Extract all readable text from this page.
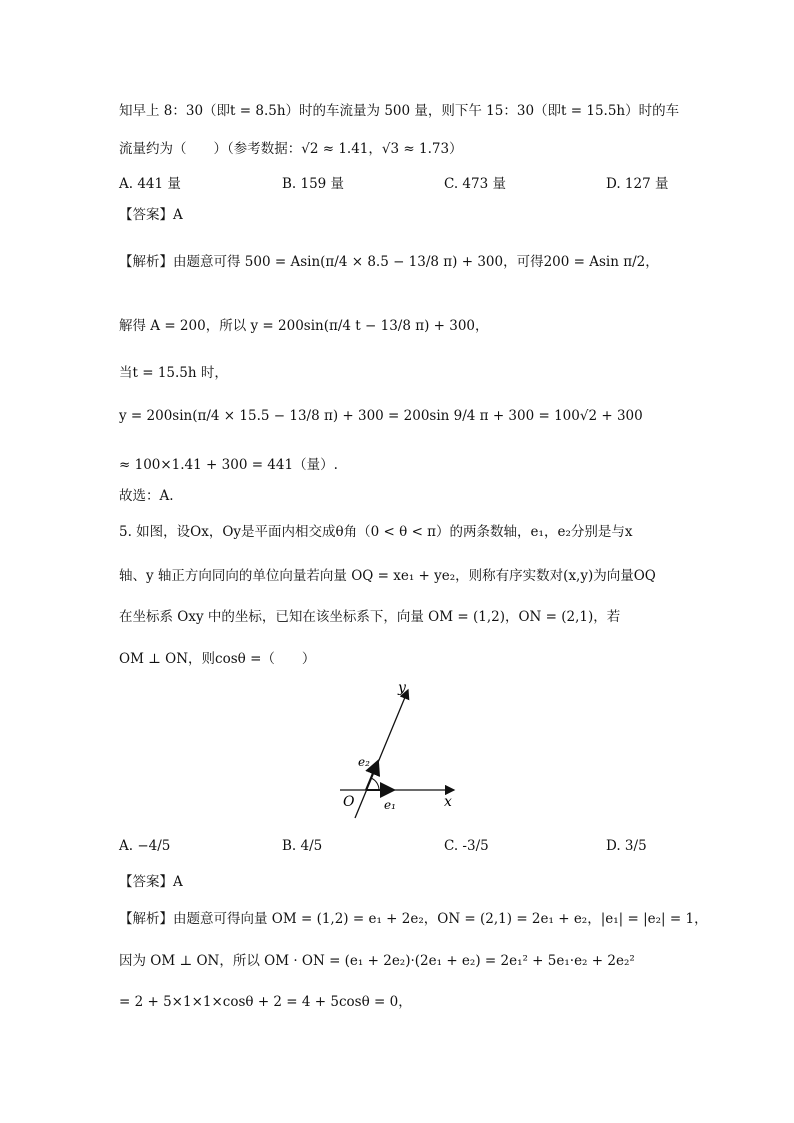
知早上 8：30（即t = 8.5h）时的车流量为 500 量，则下午 15：30（即t = 15.5h）时的车
流量约为（　　）（参考数据：√2 ≈ 1.41，√3 ≈ 1.73）
A. 441 量	B. 159 量	C. 473 量	D. 127 量
【答案】A
【解析】由题意可得 500 = Asin(π/4 × 8.5 − 13/8 π) + 300，可得200 = Asin π/2，
解得 A = 200，所以 y = 200sin(π/4 t − 13/8 π) + 300，
当t = 15.5h 时，
y = 200sin(π/4 × 15.5 − 13/8 π) + 300 = 200sin 9/4 π + 300 = 100√2 + 300
≈ 100×1.41 + 300 = 441（量）.
故选：A.
5. 如图，设Ox，Oy是平面内相交成θ角（0 < θ < π）的两条数轴，e₁，e₂分别是与x
轴、y 轴正方向同向的单位向量若向量 OQ = xe₁ + ye₂，则称有序实数对(x,y)为向量OQ
在坐标系 Oxy 中的坐标，已知在该坐标系下，向量 OM = (1,2)，ON = (2,1)，若
OM ⊥ ON，则cosθ =（　　）
y
x
O e₁
e₂
A. −4/5	B. 4/5	C. -3/5	D. 3/5
【答案】A
【解析】由题意可得向量 OM = (1,2) = e₁ + 2e₂，ON = (2,1) = 2e₁ + e₂，|e₁| = |e₂| = 1，
因为 OM ⊥ ON，所以 OM · ON = (e₁ + 2e₂)·(2e₁ + e₂) = 2e₁² + 5e₁·e₂ + 2e₂²
= 2 + 5×1×1×cosθ + 2 = 4 + 5cosθ = 0，
